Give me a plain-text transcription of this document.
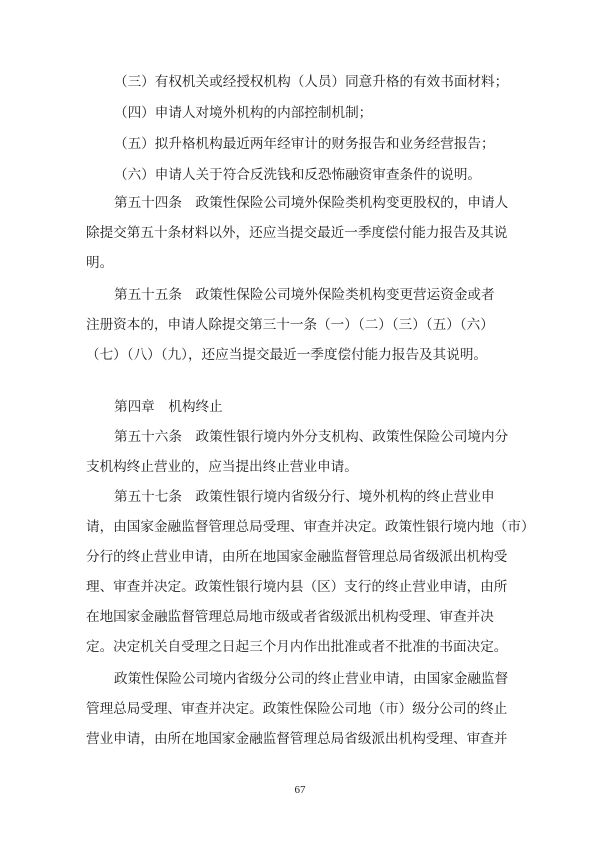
（三）有权机关或经授权机构（人员）同意升格的有效书面材料；

（四）申请人对境外机构的内部控制机制；

（五）拟升格机构最近两年经审计的财务报告和业务经营报告；

（六）申请人关于符合反洗钱和反恐怖融资审查条件的说明。

第五十四条　政策性保险公司境外保险类机构变更股权的，申请人

除提交第五十条材料以外，还应当提交最近一季度偿付能力报告及其说

明。

第五十五条　政策性保险公司境外保险类机构变更营运资金或者

注册资本的，申请人除提交第三十一条（一）（二）（三）（五）（六）

（七）（八）（九），还应当提交最近一季度偿付能力报告及其说明。

第四章　机构终止

第五十六条　政策性银行境内外分支机构、政策性保险公司境内分

支机构终止营业的，应当提出终止营业申请。

第五十七条　政策性银行境内省级分行、境外机构的终止营业申

请，由国家金融监督管理总局受理、审查并决定。政策性银行境内地（市）

分行的终止营业申请，由所在地国家金融监督管理总局省级派出机构受

理、审查并决定。政策性银行境内县（区）支行的终止营业申请，由所

在地国家金融监督管理总局地市级或者省级派出机构受理、审查并决

定。决定机关自受理之日起三个月内作出批准或者不批准的书面决定。

政策性保险公司境内省级分公司的终止营业申请，由国家金融监督

管理总局受理、审查并决定。政策性保险公司地（市）级分公司的终止

营业申请，由所在地国家金融监督管理总局省级派出机构受理、审查并

67
